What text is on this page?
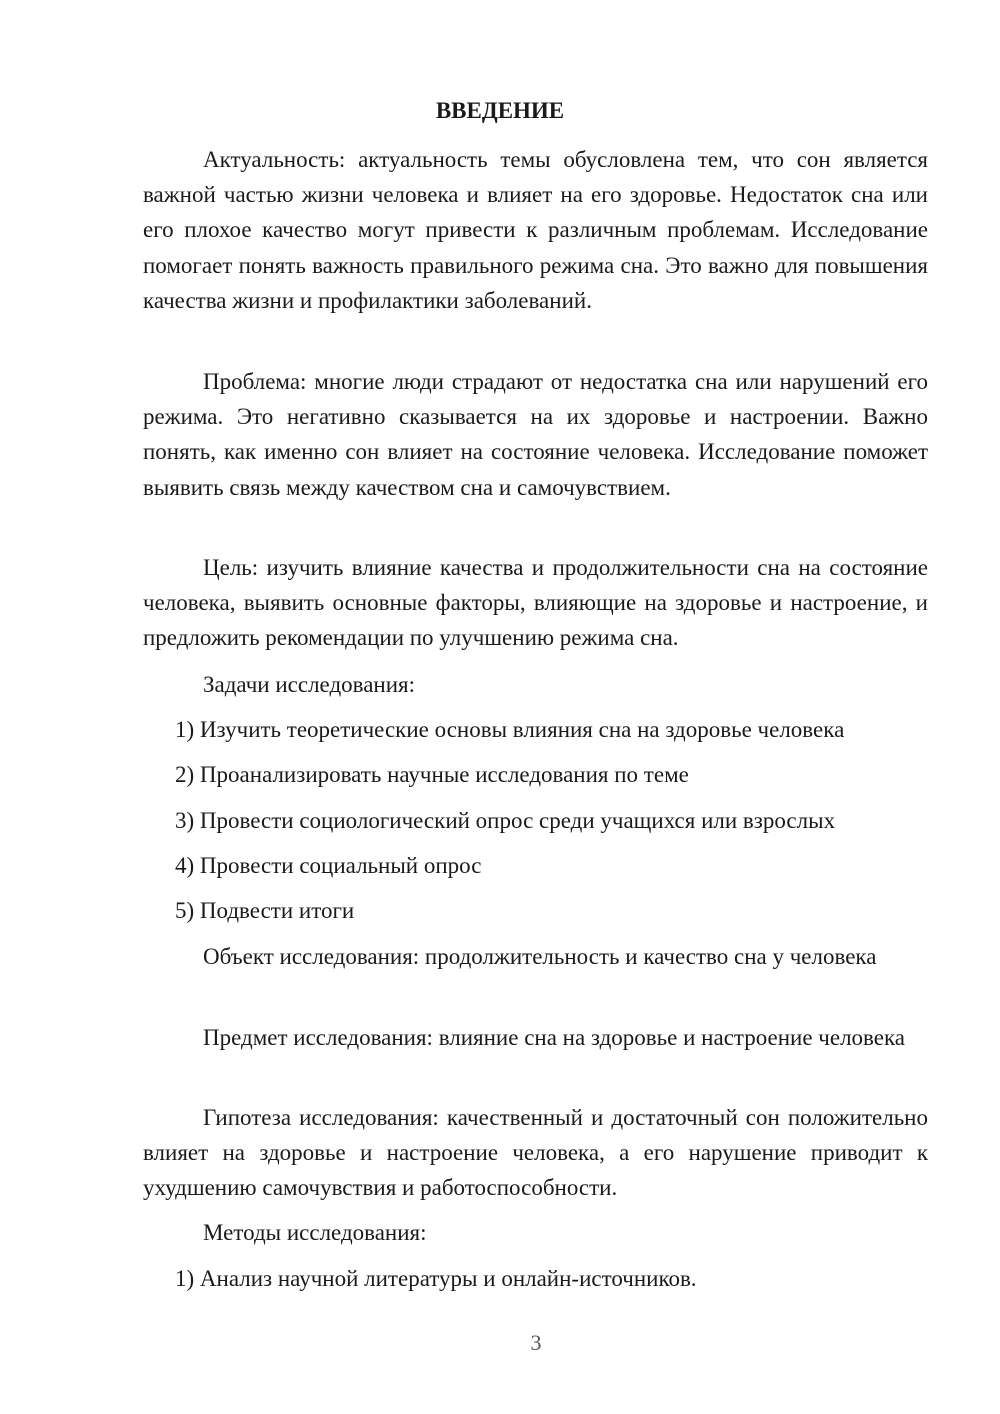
ВВЕДЕНИЕ

Актуальность: актуальность темы обусловлена тем, что сон является важной частью жизни человека и влияет на его здоровье. Недостаток сна или его плохое качество могут привести к различным проблемам. Исследование помогает понять важность правильного режима сна. Это важно для повышения качества жизни и профилактики заболеваний.

Проблема: многие люди страдают от недостатка сна или нарушений его режима. Это негативно сказывается на их здоровье и настроении. Важно понять, как именно сон влияет на состояние человека. Исследование поможет выявить связь между качеством сна и самочувствием.

Цель: изучить влияние качества и продолжительности сна на состояние человека, выявить основные факторы, влияющие на здоровье и настроение, и предложить рекомендации по улучшению режима сна.

Задачи исследования:

1) Изучить теоретические основы влияния сна на здоровье человека

2) Проанализировать научные исследования по теме

3) Провести социологический опрос среди учащихся или взрослых

4) Провести социальный опрос

5) Подвести итоги

Объект исследования: продолжительность и качество сна у человека

Предмет исследования: влияние сна на здоровье и настроение человека

Гипотеза исследования: качественный и достаточный сон положительно влияет на здоровье и настроение человека, а его нарушение приводит к ухудшению самочувствия и работоспособности.

Методы исследования:

1) Анализ научной литературы и онлайн-источников.

3
